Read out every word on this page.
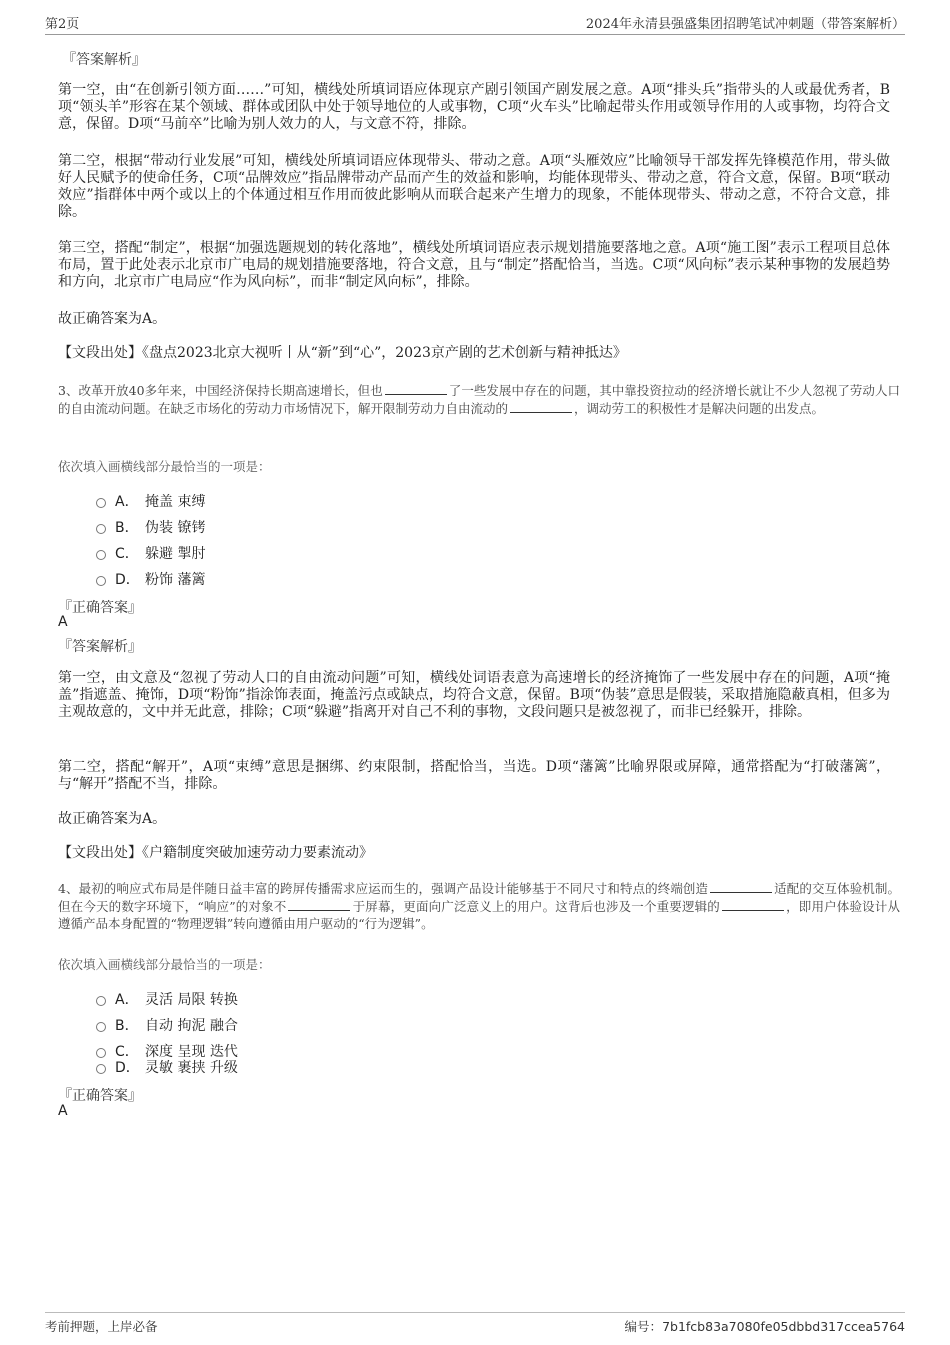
第2页	2024年永清县强盛集团招聘笔试冲刺题（带答案解析）
『答案解析』
第一空，由“在创新引领方面……”可知，横线处所填词语应体现京产剧引领国产剧发展之意。A项“排头兵”指带头的人或最优秀者，B项“领头羊”形容在某个领域、群体或团队中处于领导地位的人或事物，C项“火车头”比喻起带头作用或领导作用的人或事物，均符合文意，保留。D项“马前卒”比喻为别人效力的人，与文意不符，排除。
第二空，根据“带动行业发展”可知，横线处所填词语应体现带头、带动之意。A项“头雁效应”比喻领导干部发挥先锋模范作用，带头做好人民赋予的使命任务，C项“品牌效应”指品牌带动产品而产生的效益和影响，均能体现带头、带动之意，符合文意，保留。B项“联动效应”指群体中两个或以上的个体通过相互作用而彼此影响从而联合起来产生增力的现象，不能体现带头、带动之意，不符合文意，排除。
第三空，搭配“制定”，根据“加强选题规划的转化落地”，横线处所填词语应表示规划措施要落地之意。A项“施工图”表示工程项目总体布局，置于此处表示北京市广电局的规划措施要落地，符合文意，且与“制定”搭配恰当，当选。C项“风向标”表示某种事物的发展趋势和方向，北京市广电局应“作为风向标”，而非“制定风向标”，排除。
故正确答案为A。
【文段出处】《盘点2023北京大视听丨从“新”到“心”，2023京产剧的艺术创新与精神抵达》
3、改革开放40多年来，中国经济保持长期高速增长，但也	了一些发展中存在的问题，其中靠投资拉动的经济增长就让不少人忽视了劳动人口的自由流动问题。在缺乏市场化的劳动力市场情况下，解开限制劳动力自由流动的	，调动劳工的积极性才是解决问题的出发点。
依次填入画横线部分最恰当的一项是：
A． 掩盖 束缚
B． 伪装 镣铐
C． 躲避 掣肘
D． 粉饰 藩篱
『正确答案』
A
『答案解析』
第一空，由文意及“忽视了劳动人口的自由流动问题”可知，横线处词语表意为高速增长的经济掩饰了一些发展中存在的问题，A项“掩盖”指遮盖、掩饰，D项“粉饰”指涂饰表面，掩盖污点或缺点，均符合文意，保留。B项“伪装”意思是假装，采取措施隐蔽真相，但多为主观故意的，文中并无此意，排除；C项“躲避”指离开对自己不利的事物，文段问题只是被忽视了，而非已经躲开，排除。
第二空，搭配“解开”，A项“束缚”意思是捆绑、约束限制，搭配恰当，当选。D项“藩篱”比喻界限或屏障，通常搭配为“打破藩篱”，与“解开”搭配不当，排除。
故正确答案为A。
【文段出处】《户籍制度突破加速劳动力要素流动》
4、最初的响应式布局是伴随日益丰富的跨屏传播需求应运而生的，强调产品设计能够基于不同尺寸和特点的终端创造	适配的交互体验机制。但在今天的数字环境下，“响应”的对象不	于屏幕，更面向广泛意义上的用户。这背后也涉及一个重要逻辑的	，即用户体验设计从遵循产品本身配置的“物理逻辑”转向遵循由用户驱动的“行为逻辑”。
依次填入画横线部分最恰当的一项是：
A． 灵活 局限 转换
B． 自动 拘泥 融合
C． 深度 呈现 迭代
D． 灵敏 裹挟 升级
『正确答案』
A
考前押题，上岸必备	编号：7b1fcb83a7080fe05dbbd317ccea5764
